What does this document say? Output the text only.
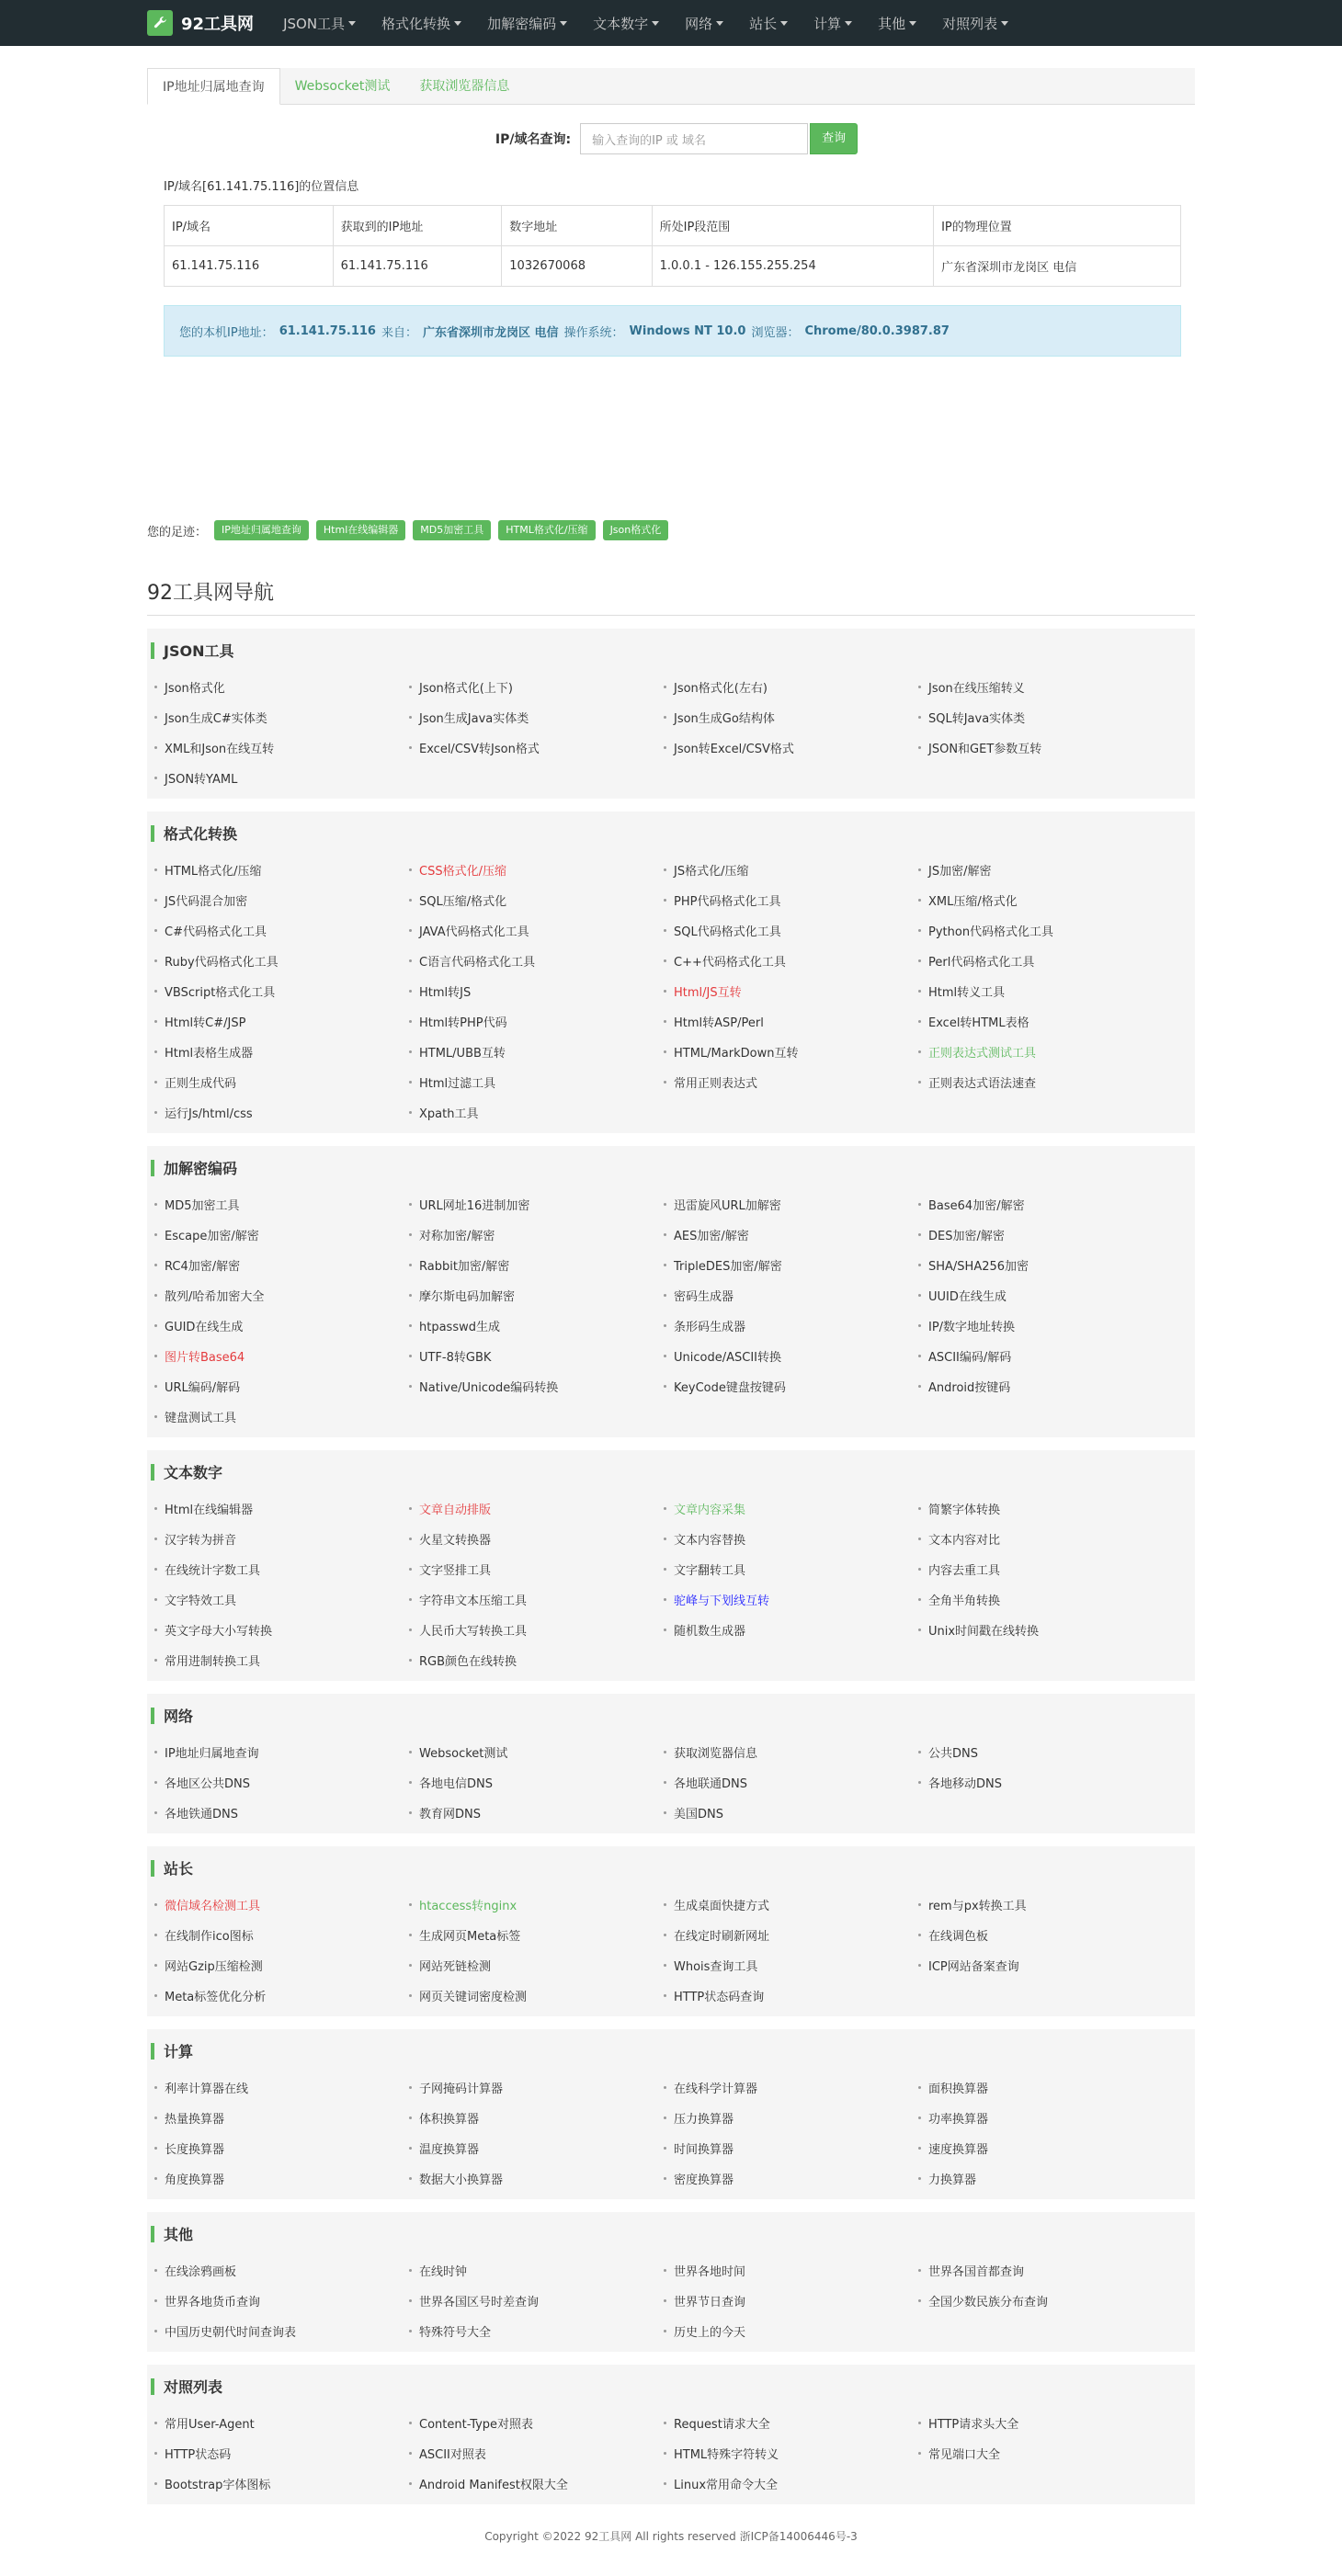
92工具网 JSON工具	格式化转换	加解密编码	文本数字	网络	站长	计算	其他	对照列表
IP地址归属地查询	Websocket测试	获取浏览器信息
IP/域名查询:	输入查询的IP 或 域名	查询
IP/域名[61.141.75.116]的位置信息
IP/域名	获取到的IP地址	数字地址	所处IP段范围	IP的物理位置
61.141.75.116	61.141.75.116	1032670068	1.0.0.1 - 126.155.255.254	广东省深圳市龙岗区 电信
您的本机IP地址： 61.141.75.116 来自： 广东省深圳市龙岗区 电信 操作系统： Windows NT 10.0 浏览器： Chrome/80.0.3987.87
您的足迹：	IP地址归属地查询	Html在线编辑器	MD5加密工具	HTML格式化/压缩	Json格式化
92工具网导航
JSON工具
Json格式化	Json格式化(上下)	Json格式化(左右)	Json在线压缩转义
Json生成C#实体类	Json生成Java实体类	Json生成Go结构体	SQL转Java实体类
XML和Json在线互转	Excel/CSV转Json格式	Json转Excel/CSV格式	JSON和GET参数互转
JSON转YAML
格式化转换
HTML格式化/压缩	CSS格式化/压缩	JS格式化/压缩	JS加密/解密
JS代码混合加密	SQL压缩/格式化	PHP代码格式化工具	XML压缩/格式化
C#代码格式化工具	JAVA代码格式化工具	SQL代码格式化工具	Python代码格式化工具
Ruby代码格式化工具	C语言代码格式化工具	C++代码格式化工具	Perl代码格式化工具
VBScript格式化工具	Html转JS	Html/JS互转	Html转义工具
Html转C#/JSP	Html转PHP代码	Html转ASP/Perl	Excel转HTML表格
Html表格生成器	HTML/UBB互转	HTML/MarkDown互转	正则表达式测试工具
正则生成代码	Html过滤工具	常用正则表达式	正则表达式语法速查
运行Js/html/css	Xpath工具
加解密编码
MD5加密工具	URL网址16进制加密	迅雷旋风URL加解密	Base64加密/解密
Escape加密/解密	对称加密/解密	AES加密/解密	DES加密/解密
RC4加密/解密	Rabbit加密/解密	TripleDES加密/解密	SHA/SHA256加密
散列/哈希加密大全	摩尔斯电码加解密	密码生成器	UUID在线生成
GUID在线生成	htpasswd生成	条形码生成器	IP/数字地址转换
图片转Base64	UTF-8转GBK	Unicode/ASCII转换	ASCII编码/解码
URL编码/解码	Native/Unicode编码转换	KeyCode键盘按键码	Android按键码
键盘测试工具
文本数字
Html在线编辑器	文章自动排版	文章内容采集	简繁字体转换
汉字转为拼音	火星文转换器	文本内容替换	文本内容对比
在线统计字数工具	文字竖排工具	文字翻转工具	内容去重工具
文字特效工具	字符串文本压缩工具	驼峰与下划线互转	全角半角转换
英文字母大小写转换	人民币大写转换工具	随机数生成器	Unix时间戳在线转换
常用进制转换工具	RGB颜色在线转换
网络
IP地址归属地查询	Websocket测试	获取浏览器信息	公共DNS
各地区公共DNS	各地电信DNS	各地联通DNS	各地移动DNS
各地铁通DNS	教育网DNS	美国DNS
站长
微信域名检测工具	htaccess转nginx	生成桌面快捷方式	rem与px转换工具
在线制作ico图标	生成网页Meta标签	在线定时刷新网址	在线调色板
网站Gzip压缩检测	网站死链检测	Whois查询工具	ICP网站备案查询
Meta标签优化分析	网页关键词密度检测	HTTP状态码查询
计算
利率计算器在线	子网掩码计算器	在线科学计算器	面积换算器
热量换算器	体积换算器	压力换算器	功率换算器
长度换算器	温度换算器	时间换算器	速度换算器
角度换算器	数据大小换算器	密度换算器	力换算器
其他
在线涂鸦画板	在线时钟	世界各地时间	世界各国首都查询
世界各地货币查询	世界各国区号时差查询	世界节日查询	全国少数民族分布查询
中国历史朝代时间查询表	特殊符号大全	历史上的今天
对照列表
常用User-Agent	Content-Type对照表	Request请求大全	HTTP请求头大全
HTTP状态码	ASCII对照表	HTML特殊字符转义	常见端口大全
Bootstrap字体图标	Android Manifest权限大全	Linux常用命令大全
Copyright ©2022 92工具网 All rights reserved 浙ICP备14006446号-3
